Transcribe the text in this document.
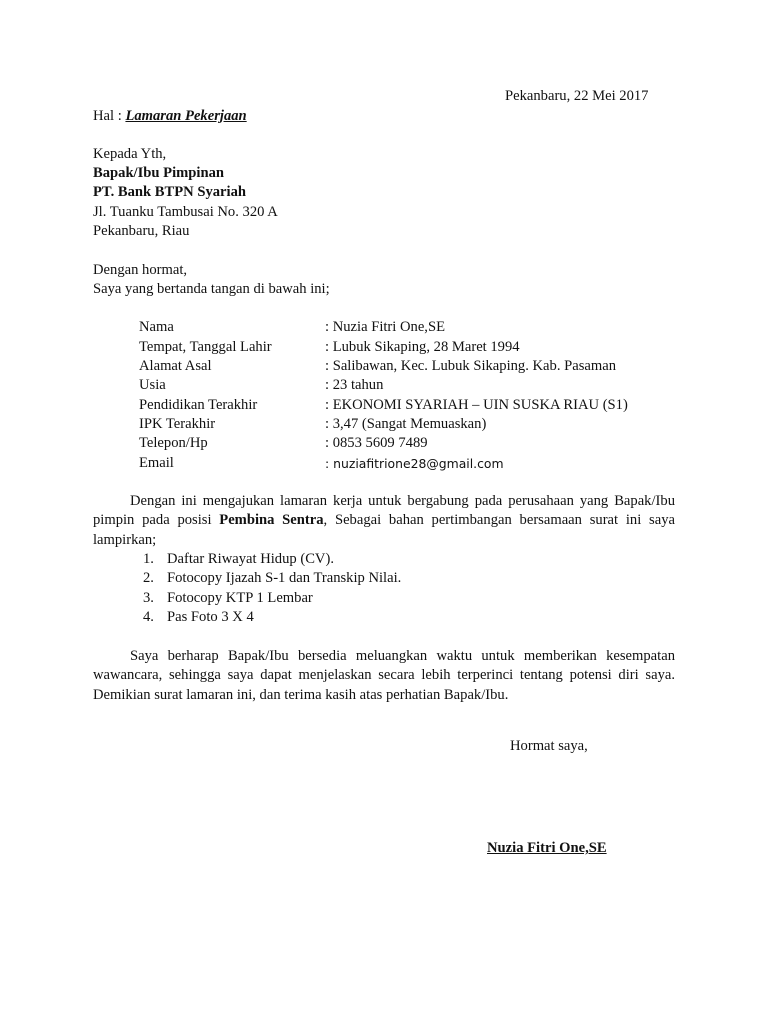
Pekanbaru, 22 Mei 2017
Hal : Lamaran Pekerjaan
Kepada Yth,
Bapak/Ibu Pimpinan
PT. Bank BTPN Syariah
Jl. Tuanku Tambusai No. 320 A
Pekanbaru, Riau
Dengan hormat,
Saya yang bertanda tangan di bawah ini;
Nama	: Nuzia Fitri One,SE
Tempat, Tanggal Lahir	: Lubuk Sikaping, 28 Maret 1994
Alamat Asal	: Salibawan, Kec. Lubuk Sikaping. Kab. Pasaman
Usia	: 23 tahun
Pendidikan Terakhir	: EKONOMI SYARIAH – UIN SUSKA RIAU (S1)
IPK Terakhir	: 3,47 (Sangat Memuaskan)
Telepon/Hp	: 0853 5609 7489
Email	: nuziafitrione28@gmail.com
Dengan ini mengajukan lamaran kerja untuk bergabung pada perusahaan yang Bapak/Ibu pimpin pada posisi Pembina Sentra, Sebagai bahan pertimbangan bersamaan surat ini saya lampirkan;
1. Daftar Riwayat Hidup (CV).
2. Fotocopy Ijazah S-1 dan Transkip Nilai.
3. Fotocopy KTP 1 Lembar
4. Pas Foto 3 X 4
Saya berharap Bapak/Ibu bersedia meluangkan waktu untuk memberikan kesempatan wawancara, sehingga saya dapat menjelaskan secara lebih terperinci tentang potensi diri saya. Demikian surat lamaran ini, dan terima kasih atas perhatian Bapak/Ibu.
Hormat saya,
Nuzia Fitri One,SE
